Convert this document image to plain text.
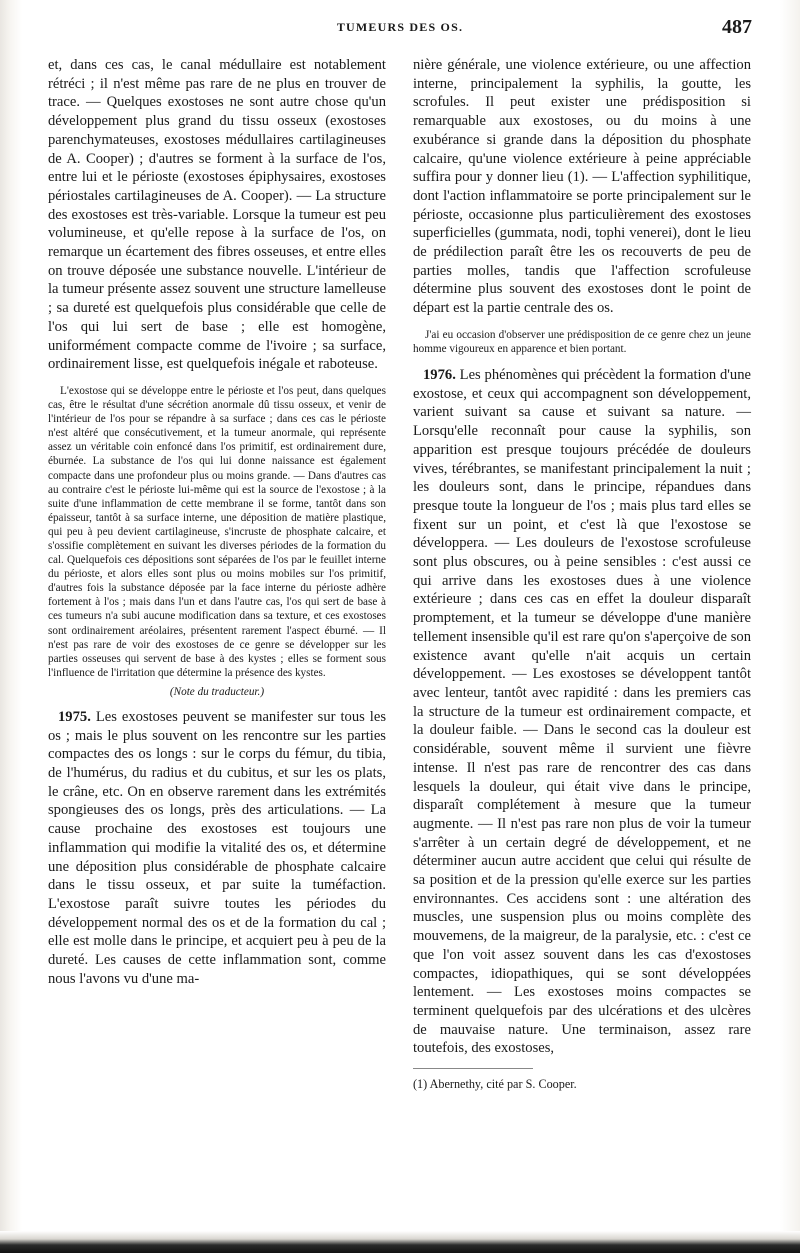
TUMEURS DES OS.	487

et, dans ces cas, le canal médullaire est notablement rétréci ; il n'est même pas rare de ne plus en trouver de trace. — Quelques exostoses ne sont autre chose qu'un développement plus grand du tissu osseux (exostoses parenchymateuses, exostoses médullaires cartilagineuses de A. Cooper) ; d'autres se forment à la surface de l'os, entre lui et le périoste (exostoses épiphysaires, exostoses périostales cartilagineuses de A. Cooper). — La structure des exostoses est très-variable. Lorsque la tumeur est peu volumineuse, et qu'elle repose à la surface de l'os, on remarque un écartement des fibres osseuses, et entre elles on trouve déposée une substance nouvelle. L'intérieur de la tumeur présente assez souvent une structure lamelleuse ; sa dureté est quelquefois plus considérable que celle de l'os qui lui sert de base ; elle est homogène, uniformément compacte comme de l'ivoire ; sa surface, ordinairement lisse, est quelquefois inégale et raboteuse.

L'exostose qui se développe entre le périoste et l'os peut, dans quelques cas, être le résultat d'une sécrétion anormale dû tissu osseux, et venir de l'intérieur de l'os pour se répandre à sa surface ; dans ces cas le périoste n'est altéré que consécutivement, et la tumeur anormale, qui représente assez un véritable coin enfoncé dans l'os primitif, est ordinairement dure, éburnée. La substance de l'os qui lui donne naissance est également compacte dans une profondeur plus ou moins grande. — Dans d'autres cas au contraire c'est le périoste lui-même qui est la source de l'exostose ; à la suite d'une inflammation de cette membrane il se forme, tantôt dans son épaisseur, tantôt à sa surface interne, une déposition de matière plastique, qui peu à peu devient cartilagineuse, s'incruste de phosphate calcaire, et s'ossifie complètement en suivant les diverses périodes de la formation du cal. Quelquefois ces dépositions sont séparées de l'os par le feuillet interne du périoste, et alors elles sont plus ou moins mobiles sur l'os primitif, d'autres fois la substance déposée par la face interne du périoste adhère fortement à l'os ; mais dans l'un et dans l'autre cas, l'os qui sert de base à ces tumeurs n'a subi aucune modification dans sa texture, et ces exostoses sont ordinairement aréolaires, présentent rarement l'aspect éburné. — Il n'est pas rare de voir des exostoses de ce genre se développer sur les parties osseuses qui servent de base à des kystes ; elles se forment sous l'influence de l'irritation que détermine la présence des kystes.

(Note du traducteur.)

1975. Les exostoses peuvent se manifester sur tous les os ; mais le plus souvent on les rencontre sur les parties compactes des os longs : sur le corps du fémur, du tibia, de l'humérus, du radius et du cubitus, et sur les os plats, le crâne, etc. On en observe rarement dans les extrémités spongieuses des os longs, près des articulations. — La cause prochaine des exostoses est toujours une inflammation qui modifie la vitalité des os, et détermine une déposition plus considérable de phosphate calcaire dans le tissu osseux, et par suite la tuméfaction. L'exostose paraît suivre toutes les périodes du développement normal des os et de la formation du cal ; elle est molle dans le principe, et acquiert peu à peu de la dureté. Les causes de cette inflammation sont, comme nous l'avons vu d'une ma-

nière générale, une violence extérieure, ou une affection interne, principalement la syphilis, la goutte, les scrofules. Il peut exister une prédisposition si remarquable aux exostoses, ou du moins à une exubérance si grande dans la déposition du phosphate calcaire, qu'une violence extérieure à peine appréciable suffira pour y donner lieu (1). — L'affection syphilitique, dont l'action inflammatoire se porte principalement sur le périoste, occasionne plus particulièrement des exostoses superficielles (gummata, nodi, tophi venerei), dont le lieu de prédilection paraît être les os recouverts de peu de parties molles, tandis que l'affection scrofuleuse détermine plus souvent des exostoses dont le point de départ est la partie centrale des os.

J'ai eu occasion d'observer une prédisposition de ce genre chez un jeune homme vigoureux en apparence et bien portant.

1976. Les phénomènes qui précèdent la formation d'une exostose, et ceux qui accompagnent son développement, varient suivant sa cause et suivant sa nature. — Lorsqu'elle reconnaît pour cause la syphilis, son apparition est presque toujours précédée de douleurs vives, térébrantes, se manifestant principalement la nuit ; les douleurs sont, dans le principe, répandues dans presque toute la longueur de l'os ; mais plus tard elles se fixent sur un point, et c'est là que l'exostose se développera. — Les douleurs de l'exostose scrofuleuse sont plus obscures, ou à peine sensibles : c'est aussi ce qui arrive dans les exostoses dues à une violence extérieure ; dans ces cas en effet la douleur disparaît promptement, et la tumeur se développe d'une manière tellement insensible qu'il est rare qu'on s'aperçoive de son existence avant qu'elle n'ait acquis un certain développement. — Les exostoses se développent tantôt avec lenteur, tantôt avec rapidité : dans les premiers cas la structure de la tumeur est ordinairement compacte, et la douleur faible. — Dans le second cas la douleur est considérable, souvent même il survient une fièvre intense. Il n'est pas rare de rencontrer des cas dans lesquels la douleur, qui était vive dans le principe, disparaît complétement à mesure que la tumeur augmente. — Il n'est pas rare non plus de voir la tumeur s'arrêter à un certain degré de développement, et ne déterminer aucun autre accident que celui qui résulte de sa position et de la pression qu'elle exerce sur les parties environnantes. Ces accidens sont : une altération des muscles, une suspension plus ou moins complète des mouvemens, de la maigreur, de la paralysie, etc. : c'est ce que l'on voit assez souvent dans les cas d'exostoses compactes, idiopathiques, qui se sont développées lentement. — Les exostoses moins compactes se terminent quelquefois par des ulcérations et des ulcères de mauvaise nature. Une terminaison, assez rare toutefois, des exostoses,

(1) Abernethy, cité par S. Cooper.
